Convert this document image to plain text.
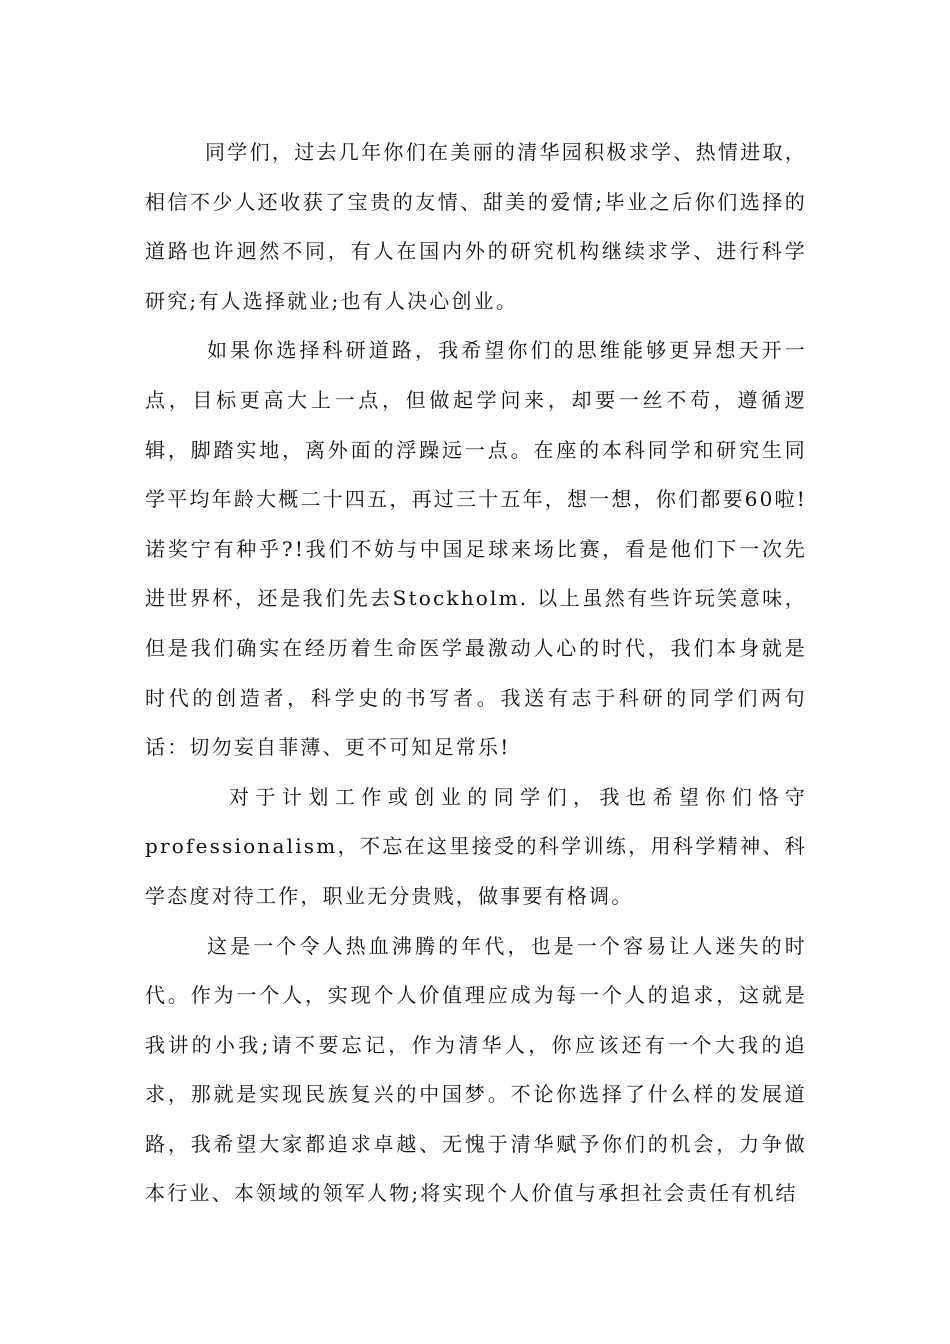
同学们，过去几年你们在美丽的清华园积极求学、热情进取，相信不少人还收获了宝贵的友情、甜美的爱情;毕业之后你们选择的道路也许迥然不同，有人在国内外的研究机构继续求学、进行科学研究;有人选择就业;也有人决心创业。

如果你选择科研道路，我希望你们的思维能够更异想天开一点，目标更高大上一点，但做起学问来，却要一丝不苟，遵循逻辑，脚踏实地，离外面的浮躁远一点。在座的本科同学和研究生同学平均年龄大概二十四五，再过三十五年，想一想，你们都要60啦!诺奖宁有种乎?!我们不妨与中国足球来场比赛，看是他们下一次先进世界杯，还是我们先去Stockholm. 以上虽然有些许玩笑意味，但是我们确实在经历着生命医学最激动人心的时代，我们本身就是时代的创造者，科学史的书写者。我送有志于科研的同学们两句话：切勿妄自菲薄、更不可知足常乐!

对于计划工作或创业的同学们，我也希望你们恪守professionalism，不忘在这里接受的科学训练，用科学精神、科学态度对待工作，职业无分贵贱，做事要有格调。

这是一个令人热血沸腾的年代，也是一个容易让人迷失的时代。作为一个人，实现个人价值理应成为每一个人的追求，这就是我讲的小我;请不要忘记，作为清华人，你应该还有一个大我的追求，那就是实现民族复兴的中国梦。不论你选择了什么样的发展道路，我希望大家都追求卓越、无愧于清华赋予你们的机会，力争做本行业、本领域的领军人物;将实现个人价值与承担社会责任有机结
